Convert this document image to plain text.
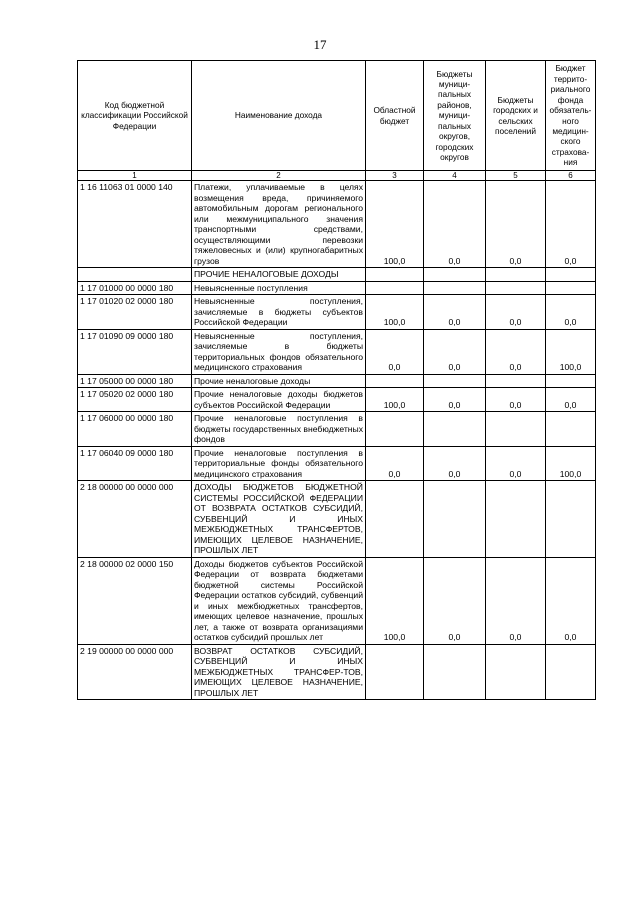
17
Код бюджетной классификации Российской Федерации	Наименование дохода	Областной бюджет	Бюджеты муници-пальных районов, муници-пальных округов, городских округов	Бюджеты городских и сельских поселений	Бюджет террито-риального фонда обязатель-ного медицин-ского страхова-ния
1	2	3	4	5	6
1 16 11063 01 0000 140	Платежи, уплачиваемые в целях возмещения вреда, причиняемого автомобильным дорогам регионального или межмуниципального значения транспортными средствами, осуществляющими перевозки тяжеловесных и (или) крупногабаритных грузов	100,0	0,0	0,0	0,0
	ПРОЧИЕ НЕНАЛОГОВЫЕ ДОХОДЫ				
1 17 01000 00 0000 180	Невыясненные поступления				
1 17 01020 02 0000 180	Невыясненные поступления, зачисляемые в бюджеты субъектов Российской Федерации	100,0	0,0	0,0	0,0
1 17 01090 09 0000 180	Невыясненные поступления, зачисляемые в бюджеты территориальных фондов обязательного медицинского страхования	0,0	0,0	0,0	100,0
1 17 05000 00 0000 180	Прочие неналоговые доходы				
1 17 05020 02 0000 180	Прочие неналоговые доходы бюджетов субъектов Российской Федерации	100,0	0,0	0,0	0,0
1 17 06000 00 0000 180	Прочие неналоговые поступления в бюджеты государственных внебюджетных фондов				
1 17 06040 09 0000 180	Прочие неналоговые поступления в территориальные фонды обязательного медицинского страхования	0,0	0,0	0,0	100,0
2 18 00000 00 0000 000	ДОХОДЫ БЮДЖЕТОВ БЮДЖЕТНОЙ СИСТЕМЫ РОССИЙСКОЙ ФЕДЕРАЦИИ ОТ ВОЗВРАТА ОСТАТКОВ СУБСИДИЙ, СУБВЕНЦИЙ И ИНЫХ МЕЖБЮДЖЕТНЫХ ТРАНСФЕРТОВ, ИМЕЮЩИХ ЦЕЛЕВОЕ НАЗНАЧЕНИЕ, ПРОШЛЫХ ЛЕТ				
2 18 00000 02 0000 150	Доходы бюджетов субъектов Российской Федерации от возврата бюджетами бюджетной системы Российской Федерации остатков субсидий, субвенций и иных межбюджетных трансфертов, имеющих целевое назначение, прошлых лет, а также от возврата организациями остатков субсидий прошлых лет	100,0	0,0	0,0	0,0
2 19 00000 00 0000 000	ВОЗВРАТ ОСТАТКОВ СУБСИДИЙ, СУБВЕНЦИЙ И ИНЫХ МЕЖБЮДЖЕТНЫХ ТРАНСФЕР-ТОВ, ИМЕЮЩИХ ЦЕЛЕВОЕ НАЗНАЧЕНИЕ, ПРОШЛЫХ ЛЕТ				
